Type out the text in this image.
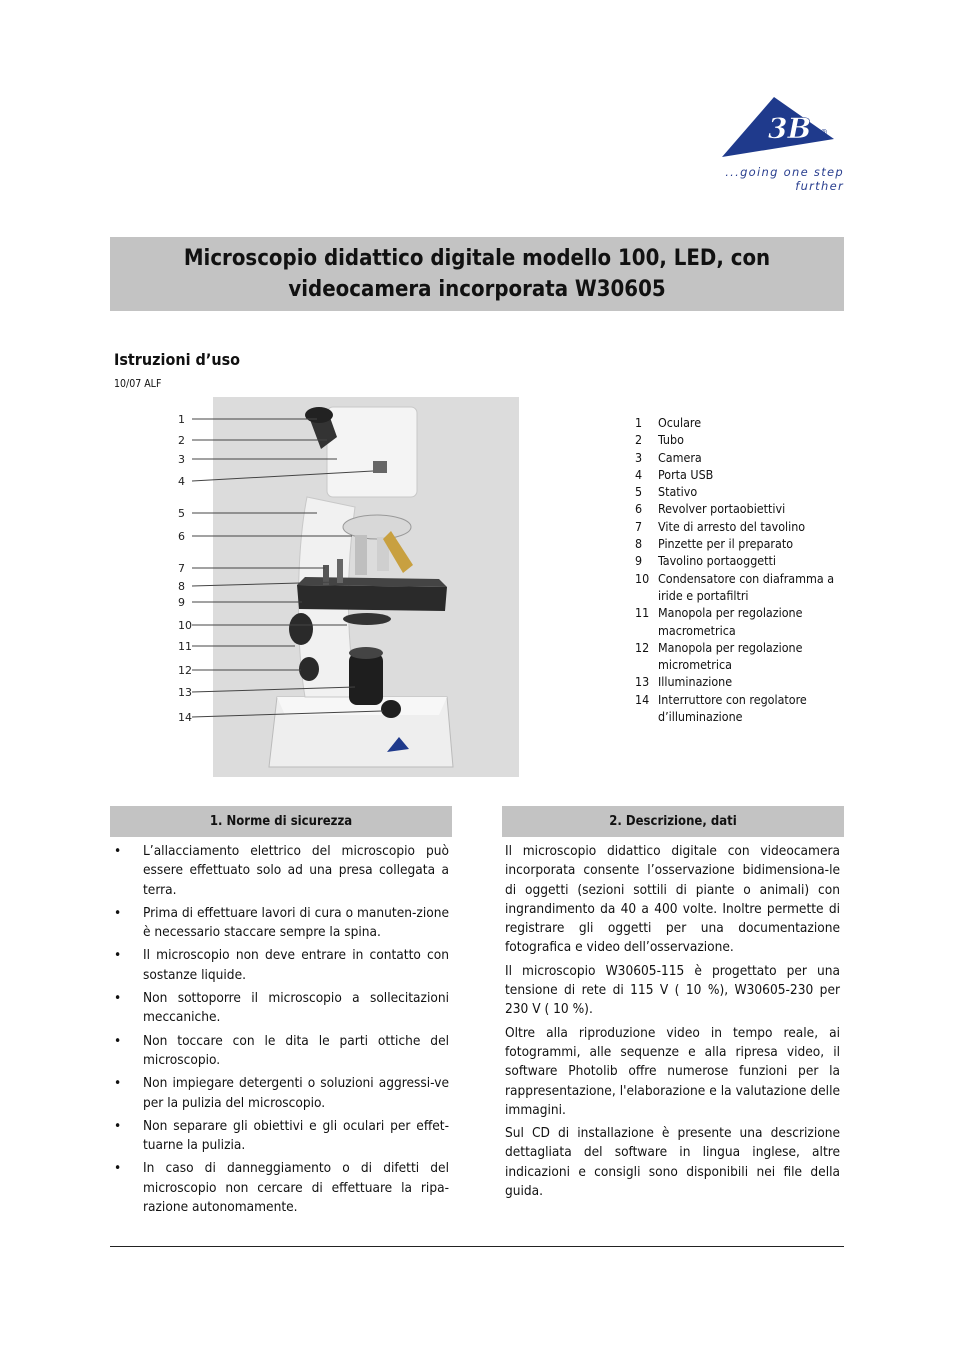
3B ®
...going one step further
Microscopio didattico digitale modello 100, LED, con videocamera incorporata W30605
Istruzioni d’uso
10/07 ALF
1
2
3
4
5
6
7
8
9
10
11
12
13
14
1	Oculare
2	Tubo
3	Camera
4	Porta USB
5	Stativo
6	Revolver portaobiettivi
7	Vite di arresto del tavolino
8	Pinzette per il preparato
9	Tavolino portaoggetti
10 Condensatore con diaframma a iride e portafiltri
11 Manopola per regolazione macrometrica
12 Manopola per regolazione micrometrica
13 Illuminazione
14 Interruttore con regolatore d’illuminazione
1. Norme di sicurezza
•	L’allacciamento elettrico del microscopio può essere effettuato solo ad una presa collegata a terra.
•	Prima di effettuare lavori di cura o manuten-zione è necessario staccare sempre la spina.
•	Il microscopio non deve entrare in contatto con sostanze liquide.
•	Non sottoporre il microscopio a sollecitazioni meccaniche.
•	Non toccare con le dita le parti ottiche del microscopio.
•	Non impiegare detergenti o soluzioni aggressi-ve per la pulizia del microscopio.
•	Non separare gli obiettivi e gli oculari per effet-tuarne la pulizia.
•	In caso di danneggiamento o di difetti del microscopio non cercare di effettuare la ripa-razione autonomamente.
2. Descrizione, dati

Il microscopio didattico digitale con videocamera incorporata consente l’osservazione bidimensiona-le di oggetti (sezioni sottili di piante o animali) con ingrandimento da 40 a 400 volte. Inoltre permette di registrare gli oggetti per una documentazione fotografica e video dell’osservazione.

Il microscopio W30605-115 è progettato per una tensione di rete di 115 V ( 10 %), W30605-230 per 230 V ( 10 %).

Oltre alla riproduzione video in tempo reale, ai fotogrammi, alle sequenze e alla ripresa video, il software Photolib offre numerose funzioni per la rappresentazione, l'elaborazione e la valutazione delle immagini.

Sul CD di installazione è presente una descrizione dettagliata del software in lingua inglese, altre indicazioni e consigli sono disponibili nei file della guida.
